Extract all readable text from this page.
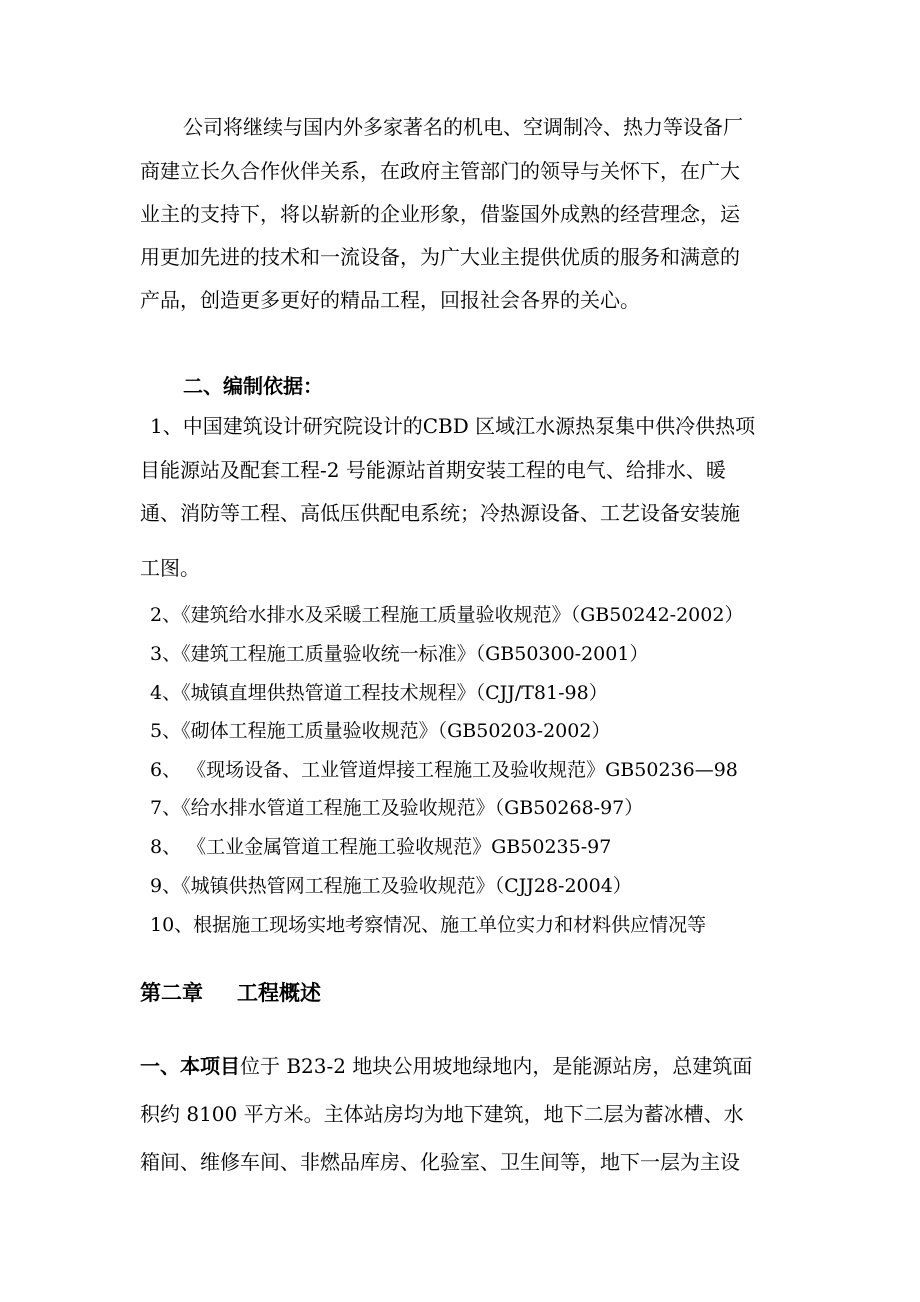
公司将继续与国内外多家著名的机电、空调制冷、热力等设备厂
商建立长久合作伙伴关系，在政府主管部门的领导与关怀下，在广大
业主的支持下，将以崭新的企业形象，借鉴国外成熟的经营理念，运
用更加先进的技术和一流设备，为广大业主提供优质的服务和满意的
产品，创造更多更好的精品工程，回报社会各界的关心。
二、编制依据：
1、中国建筑设计研究院设计的CBD 区域江水源热泵集中供冷供热项
目能源站及配套工程-2 号能源站首期安装工程的电气、给排水、暖
通、消防等工程、高低压供配电系统；冷热源设备、工艺设备安装施
工图。
2、《建筑给水排水及采暖工程施工质量验收规范》（GB50242-2002）
3、《建筑工程施工质量验收统一标准》（GB50300-2001）
4、《城镇直埋供热管道工程技术规程》（CJJ/T81-98）
5、《砌体工程施工质量验收规范》（GB50203-2002）
6、 《现场设备、工业管道焊接工程施工及验收规范》GB50236—98
7、《给水排水管道工程施工及验收规范》（GB50268-97）
8、 《工业金属管道工程施工验收规范》GB50235-97
9、《城镇供热管网工程施工及验收规范》（CJJ28-2004）
10、根据施工现场实地考察情况、施工单位实力和材料供应情况等
第二章 工程概述
一、本项目位于 B23-2 地块公用坡地绿地内，是能源站房，总建筑面
积约 8100 平方米。主体站房均为地下建筑，地下二层为蓄冰槽、水
箱间、维修车间、非燃品库房、化验室、卫生间等，地下一层为主设
